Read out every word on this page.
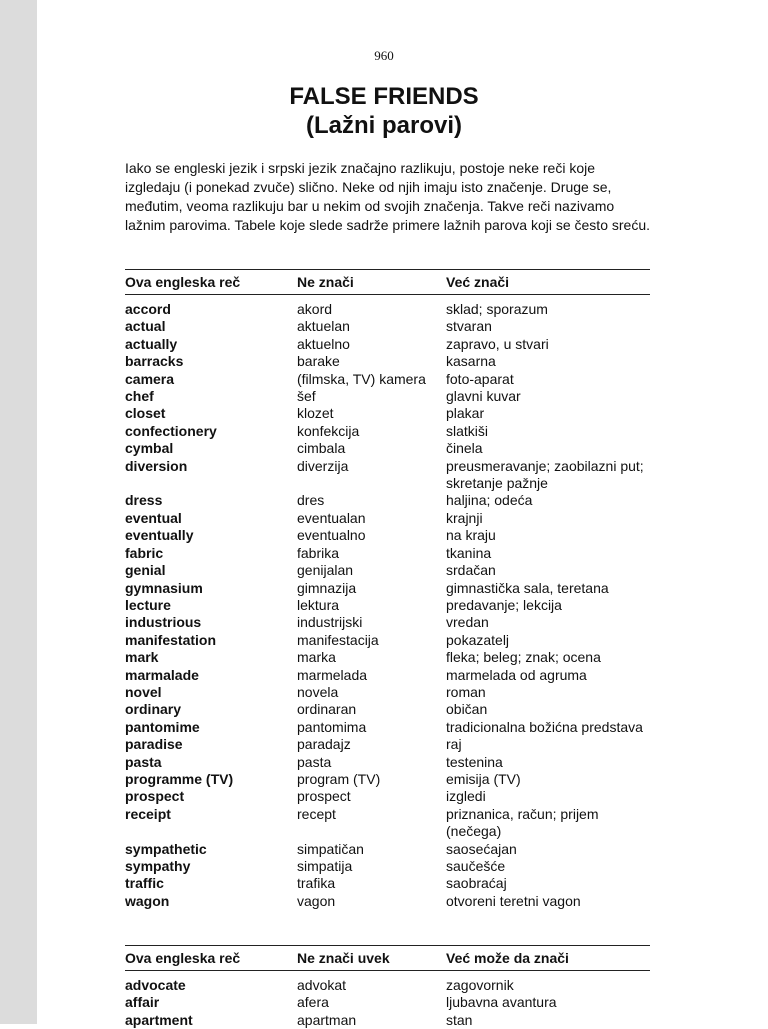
960
FALSE FRIENDS
(Lažni parovi)

Iako se engleski jezik i srpski jezik značajno razlikuju, postoje neke reči koje izgledaju (i ponekad zvuče) slično. Neke od njih imaju isto značenje. Druge se, međutim, veoma razlikuju bar u nekim od svojih značenja. Takve reči nazivamo lažnim parovima. Tabele koje slede sadrže primere lažnih parova koji se često sreću.

Ova engleska reč	Ne znači	Već znači
accord	akord	sklad; sporazum
actual	aktuelan	stvaran
actually	aktuelno	zapravo, u stvari
barracks	barake	kasarna
camera	(filmska, TV) kamera	foto-aparat
chef	šef	glavni kuvar
closet	klozet	plakar
confectionery	konfekcija	slatkiši
cymbal	cimbala	činela
diversion	diverzija	preusmeravanje; zaobilazni put; skretanje pažnje
dress	dres	haljina; odeća
eventual	eventualan	krajnji
eventually	eventualno	na kraju
fabric	fabrika	tkanina
genial	genijalan	srdačan
gymnasium	gimnazija	gimnastička sala, teretana
lecture	lektura	predavanje; lekcija
industrious	industrijski	vredan
manifestation	manifestacija	pokazatelj
mark	marka	fleka; beleg; znak; ocena
marmalade	marmelada	marmelada od agruma
novel	novela	roman
ordinary	ordinaran	običan
pantomime	pantomima	tradicionalna božićna predstava
paradise	paradajz	raj
pasta	pasta	testenina
programme (TV)	program (TV)	emisija (TV)
prospect	prospect	izgledi
receipt	recept	priznanica, račun; prijem (nečega)
sympathetic	simpatičan	saosećajan
sympathy	simpatija	saučešće
traffic	trafika	saobraćaj
wagon	vagon	otvoreni teretni vagon
Ova engleska reč	Ne znači uvek	Već može da znači
advocate	advokat	zagovornik
affair	afera	ljubavna avantura
apartment	apartman	stan
